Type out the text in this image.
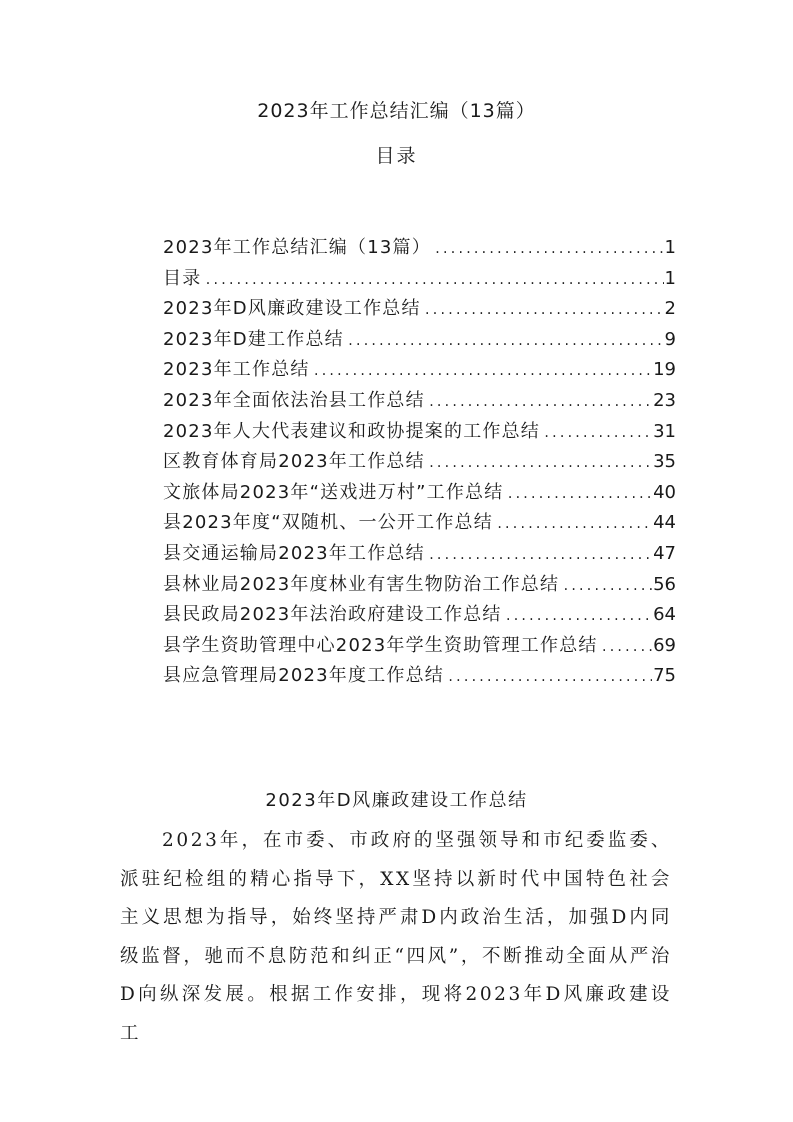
2023年工作总结汇编（13篇）
目录
2023年工作总结汇编（13篇） .....	1
目录 .....	1
2023年D风廉政建设工作总结 .....	2
2023年D建工作总结 .....	9
2023年工作总结 .....	19
2023年全面依法治县工作总结 .....	23
2023年人大代表建议和政协提案的工作总结 .....	31
区教育体育局2023年工作总结 .....	35
文旅体局2023年“送戏进万村”工作总结 .....	40
县2023年度“双随机、一公开工作总结 .....	44
县交通运输局2023年工作总结 .....	47
县林业局2023年度林业有害生物防治工作总结 .....	56
县民政局2023年法治政府建设工作总结 .....	64
县学生资助管理中心2023年学生资助管理工作总结 .....	69
县应急管理局2023年度工作总结 .....	75
2023年D风廉政建设工作总结
2023年，在市委、市政府的坚强领导和市纪委监委、派驻纪检组的精心指导下，XX坚持以新时代中国特色社会主义思想为指导，始终坚持严肃D内政治生活，加强D内同级监督，驰而不息防范和纠正“四风”，不断推动全面从严治D向纵深发展。根据工作安排，现将2023年D风廉政建设工
